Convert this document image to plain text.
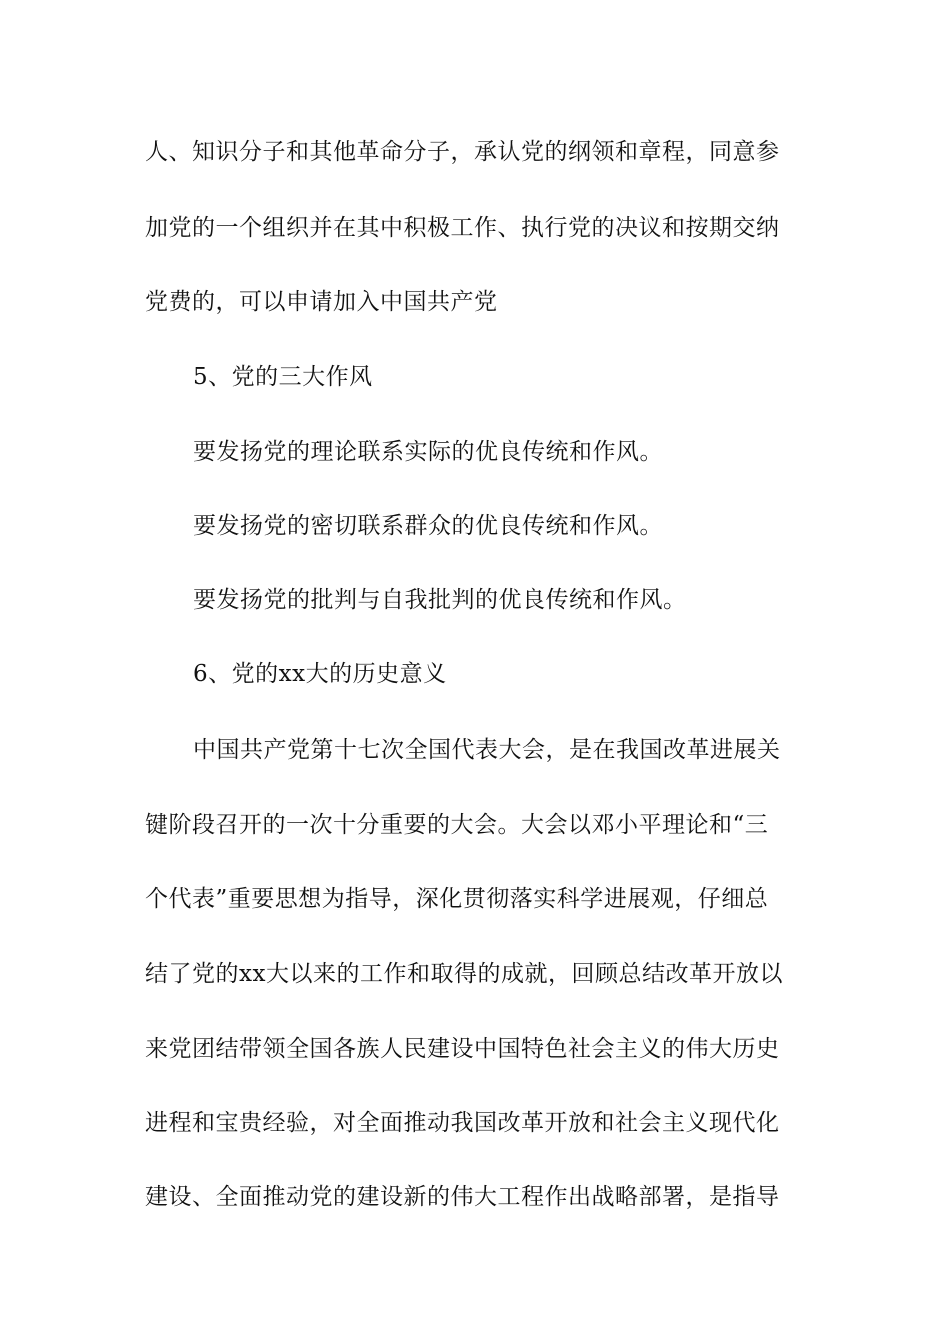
人、知识分子和其他革命分子，承认党的纲领和章程，同意参
加党的一个组织并在其中积极工作、执行党的决议和按期交纳
党费的，可以申请加入中国共产党
5、党的三大作风
要发扬党的理论联系实际的优良传统和作风。
要发扬党的密切联系群众的优良传统和作风。
要发扬党的批判与自我批判的优良传统和作风。
6、党的xx大的历史意义
中国共产党第十七次全国代表大会，是在我国改革进展关
键阶段召开的一次十分重要的大会。大会以邓小平理论和“三
个代表”重要思想为指导，深化贯彻落实科学进展观，仔细总
结了党的xx大以来的工作和取得的成就，回顾总结改革开放以
来党团结带领全国各族人民建设中国特色社会主义的伟大历史
进程和宝贵经验，对全面推动我国改革开放和社会主义现代化
建设、全面推动党的建设新的伟大工程作出战略部署，是指导
